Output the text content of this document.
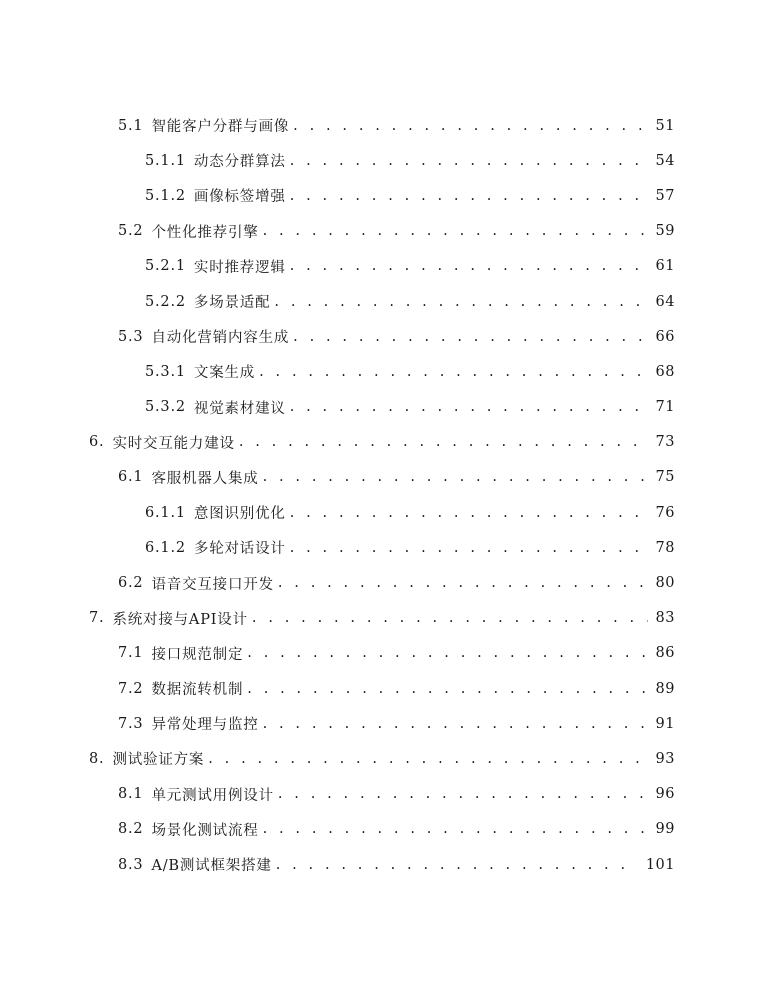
5.1 智能客户分群与画像 . . .	51
5.1.1 动态分群算法 . . .	54
5.1.2 画像标签增强 . . .	57
5.2 个性化推荐引擎 . . .	59
5.2.1 实时推荐逻辑 . . .	61
5.2.2 多场景适配 . . .	64
5.3 自动化营销内容生成 . . .	66
5.3.1 文案生成 . . .	68
5.3.2 视觉素材建议 . . .	71
6. 实时交互能力建设 . . .	73
6.1 客服机器人集成 . . .	75
6.1.1 意图识别优化 . . .	76
6.1.2 多轮对话设计 . . .	78
6.2 语音交互接口开发 . . .	80
7. 系统对接与API设计 . . .	83
7.1 接口规范制定 . . .	86
7.2 数据流转机制 . . .	89
7.3 异常处理与监控 . . .	91
8. 测试验证方案 . . .	93
8.1 单元测试用例设计 . . .	96
8.2 场景化测试流程 . . .	99
8.3 A/B测试框架搭建 . . .	101
